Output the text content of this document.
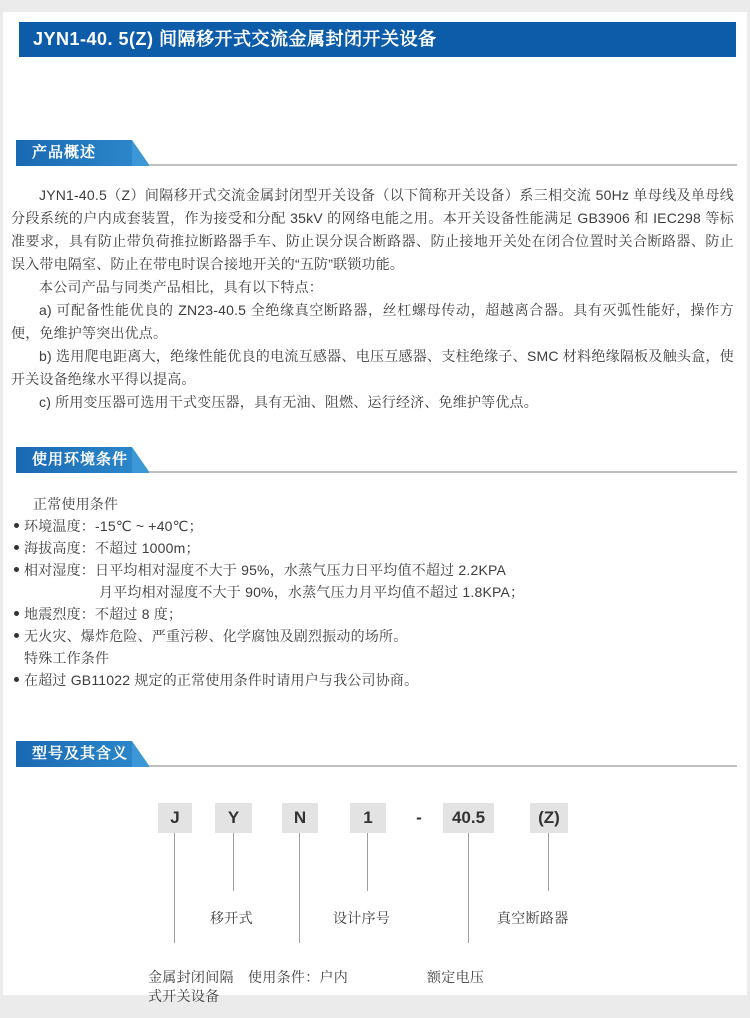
JYN1-40. 5(Z) 间隔移开式交流金属封闭开关设备
产品概述
JYN1-40.5（Z）间隔移开式交流金属封闭型开关设备（以下简称开关设备）系三相交流 50Hz 单母线及单母线分段系统的户内成套装置，作为接受和分配 35kV 的网络电能之用。本开关设备性能满足 GB3906 和 IEC298 等标准要求，具有防止带负荷推拉断路器手车、防止误分误合断路器、防止接地开关处在闭合位置时关合断路器、防止误入带电隔室、防止在带电时误合接地开关的“五防”联锁功能。
本公司产品与同类产品相比，具有以下特点：
a) 可配备性能优良的 ZN23-40.5 全绝缘真空断路器，丝杠螺母传动，超越离合器。具有灭弧性能好，操作方便，免维护等突出优点。
b) 选用爬电距离大，绝缘性能优良的电流互感器、电压互感器、支柱绝缘子、SMC 材料绝缘隔板及触头盒，使开关设备绝缘水平得以提高。
c) 所用变压器可选用干式变压器，具有无油、阻燃、运行经济、免维护等优点。
使用环境条件
正常使用条件
环境温度：-15℃ ~ +40℃；
海拔高度：不超过 1000m；
相对湿度：日平均相对湿度不大于 95%，水蒸气压力日平均值不超过 2.2KPA
月平均相对湿度不大于 90%，水蒸气压力月平均值不超过 1.8KPA；
地震烈度：不超过 8 度；
无火灾、爆炸危险、严重污秽、化学腐蚀及剧烈振动的场所。
特殊工作条件
在超过 GB11022 规定的正常使用条件时请用户与我公司协商。
型号及其含义
J	Y	N	1	-	40.5	(Z)
移开式	设计序号	真空断路器
金属封闭间隔式开关设备
使用条件：户内	额定电压
